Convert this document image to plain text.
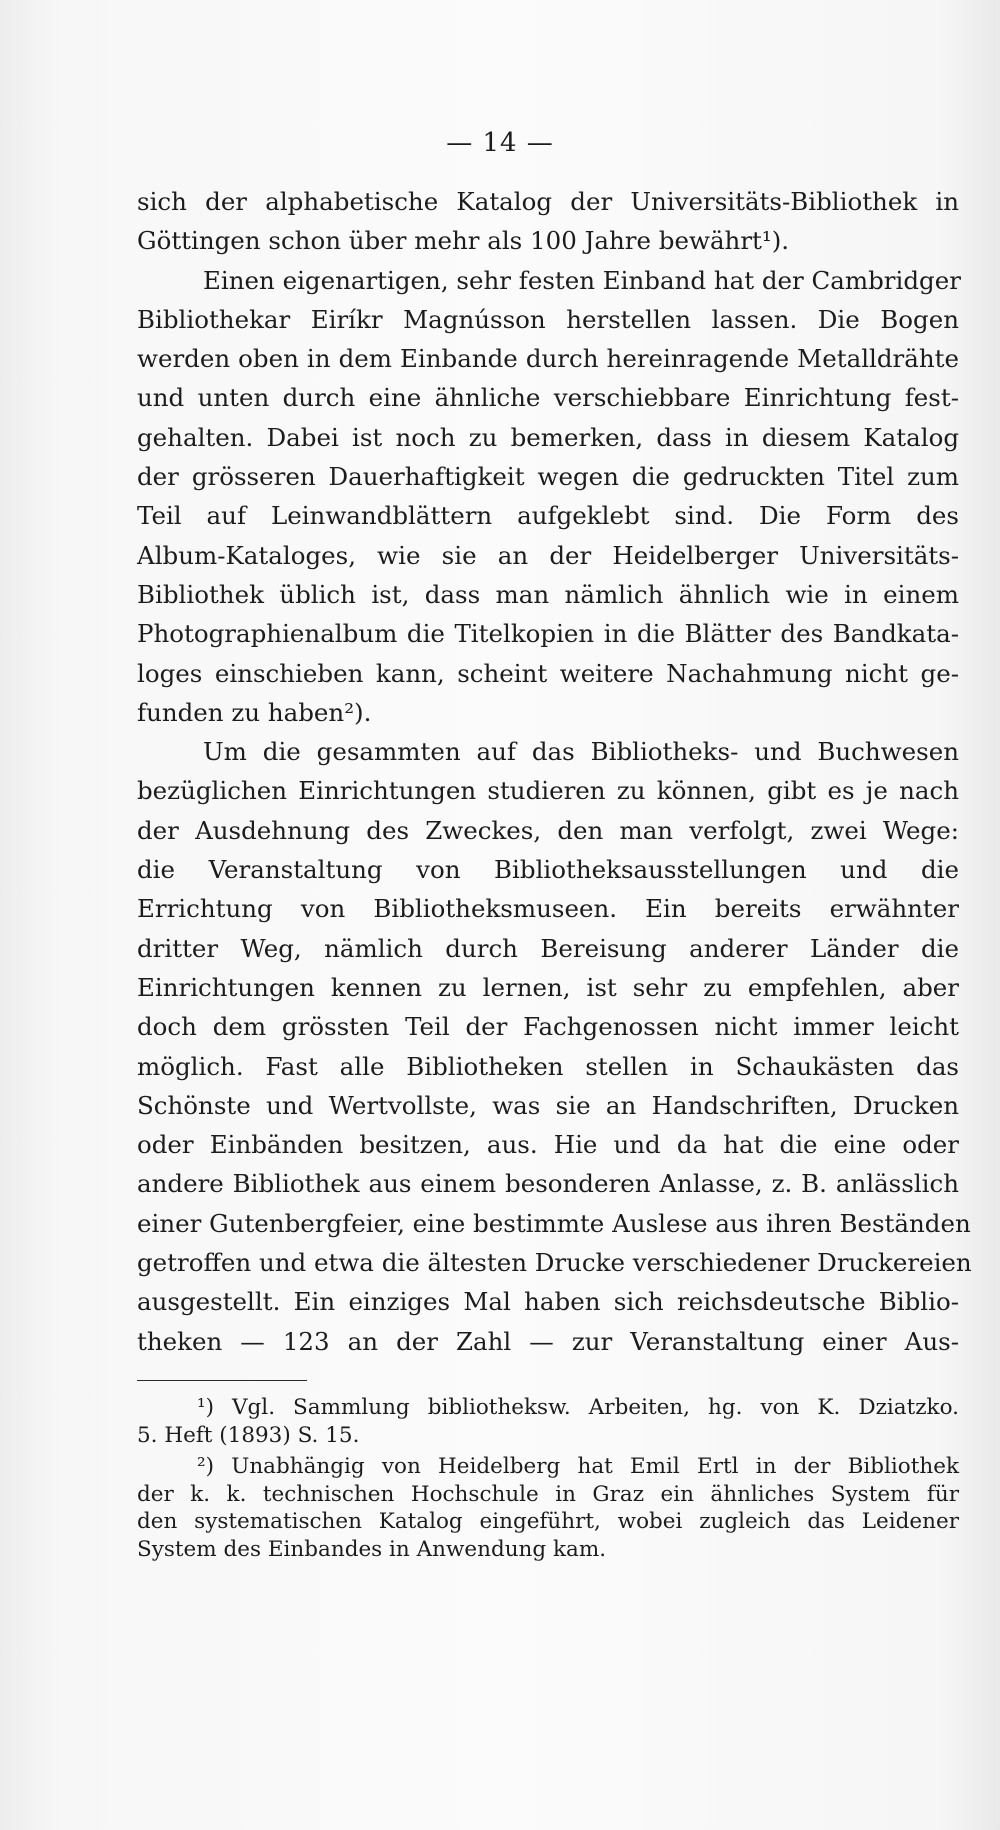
— 14 —
sich der alphabetische Katalog der Universitäts-Bibliothek in
Göttingen schon über mehr als 100 Jahre bewährt¹).
Einen eigenartigen, sehr festen Einband hat der Cambridger
Bibliothekar Eiríkr Magnússon herstellen lassen. Die Bogen
werden oben in dem Einbande durch hereinragende Metalldrähte
und unten durch eine ähnliche verschiebbare Einrichtung fest-
gehalten. Dabei ist noch zu bemerken, dass in diesem Katalog
der grösseren Dauerhaftigkeit wegen die gedruckten Titel zum
Teil auf Leinwandblättern aufgeklebt sind. Die Form des
Album-Kataloges, wie sie an der Heidelberger Universitäts-
Bibliothek üblich ist, dass man nämlich ähnlich wie in einem
Photographienalbum die Titelkopien in die Blätter des Bandkata-
loges einschieben kann, scheint weitere Nachahmung nicht ge-
funden zu haben²).
Um die gesammten auf das Bibliotheks- und Buchwesen
bezüglichen Einrichtungen studieren zu können, gibt es je nach
der Ausdehnung des Zweckes, den man verfolgt, zwei Wege:
die Veranstaltung von Bibliotheksausstellungen und die
Errichtung von Bibliotheksmuseen. Ein bereits erwähnter
dritter Weg, nämlich durch Bereisung anderer Länder die
Einrichtungen kennen zu lernen, ist sehr zu empfehlen, aber
doch dem grössten Teil der Fachgenossen nicht immer leicht
möglich. Fast alle Bibliotheken stellen in Schaukästen das
Schönste und Wertvollste, was sie an Handschriften, Drucken
oder Einbänden besitzen, aus. Hie und da hat die eine oder
andere Bibliothek aus einem besonderen Anlasse, z. B. anlässlich
einer Gutenbergfeier, eine bestimmte Auslese aus ihren Beständen
getroffen und etwa die ältesten Drucke verschiedener Druckereien
ausgestellt. Ein einziges Mal haben sich reichsdeutsche Biblio-
theken — 123 an der Zahl — zur Veranstaltung einer Aus-
¹) Vgl. Sammlung bibliotheksw. Arbeiten, hg. von K. Dziatzko.
5. Heft (1893) S. 15.
²) Unabhängig von Heidelberg hat Emil Ertl in der Bibliothek
der k. k. technischen Hochschule in Graz ein ähnliches System für
den systematischen Katalog eingeführt, wobei zugleich das Leidener
System des Einbandes in Anwendung kam.
